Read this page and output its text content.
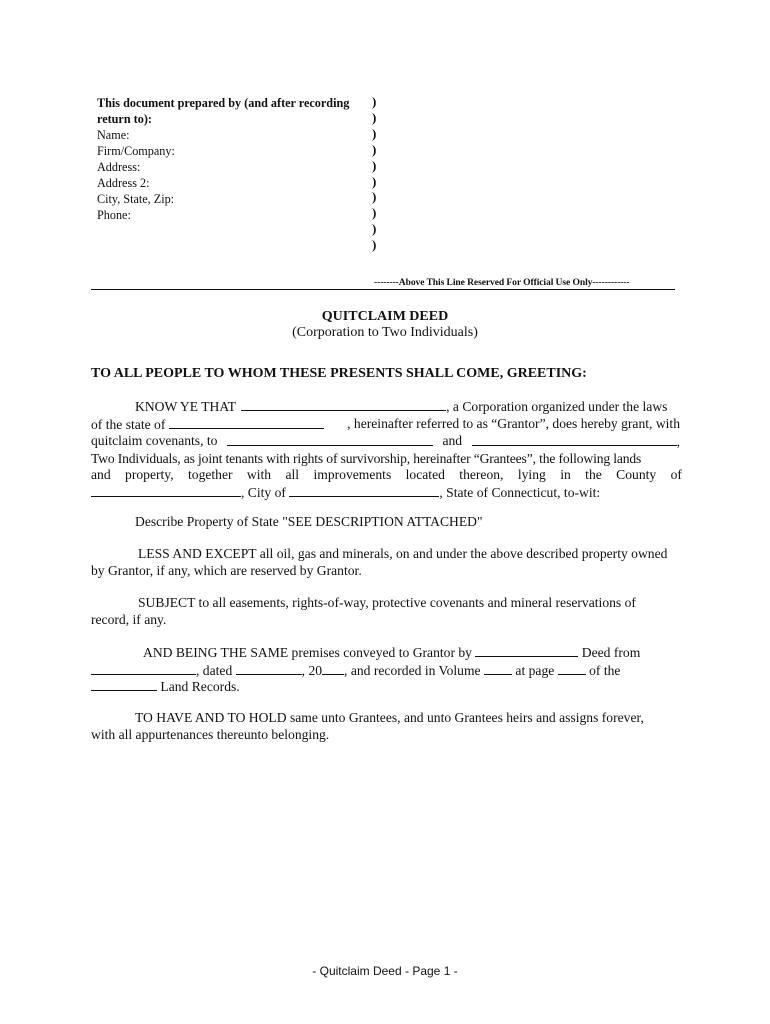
This document prepared by (and after recording
return to):
Name:
Firm/Company:
Address:
Address 2:
City, State, Zip:
Phone:
)
)
)
)
)
)
)
)
)
)
--------Above This Line Reserved For Official Use Only------------
QUITCLAIM DEED
(Corporation to Two Individuals)
TO ALL PEOPLE TO WHOM THESE PRESENTS SHALL COME, GREETING:
KNOW YE THAT	, a Corporation organized under the laws
of the state of	, hereinafter referred to as “Grantor”, does hereby grant, with
quitclaim covenants, to	and	,
Two Individuals, as joint tenants with rights of survivorship, hereinafter “Grantees”, the following lands
and property, together with all improvements located thereon, lying in the County of
, City of	, State of Connecticut, to-wit:
Describe Property of State "SEE DESCRIPTION ATTACHED"
LESS AND EXCEPT all oil, gas and minerals, on and under the above described property owned
by Grantor, if any, which are reserved by Grantor.
SUBJECT to all easements, rights-of-way, protective covenants and mineral reservations of
record, if any.
AND BEING THE SAME premises conveyed to Grantor by	Deed from
, dated	, 20 , and recorded in Volume	at page	of the
Land Records.
TO HAVE AND TO HOLD same unto Grantees, and unto Grantees heirs and assigns forever,
with all appurtenances thereunto belonging.
- Quitclaim Deed - Page 1 -
